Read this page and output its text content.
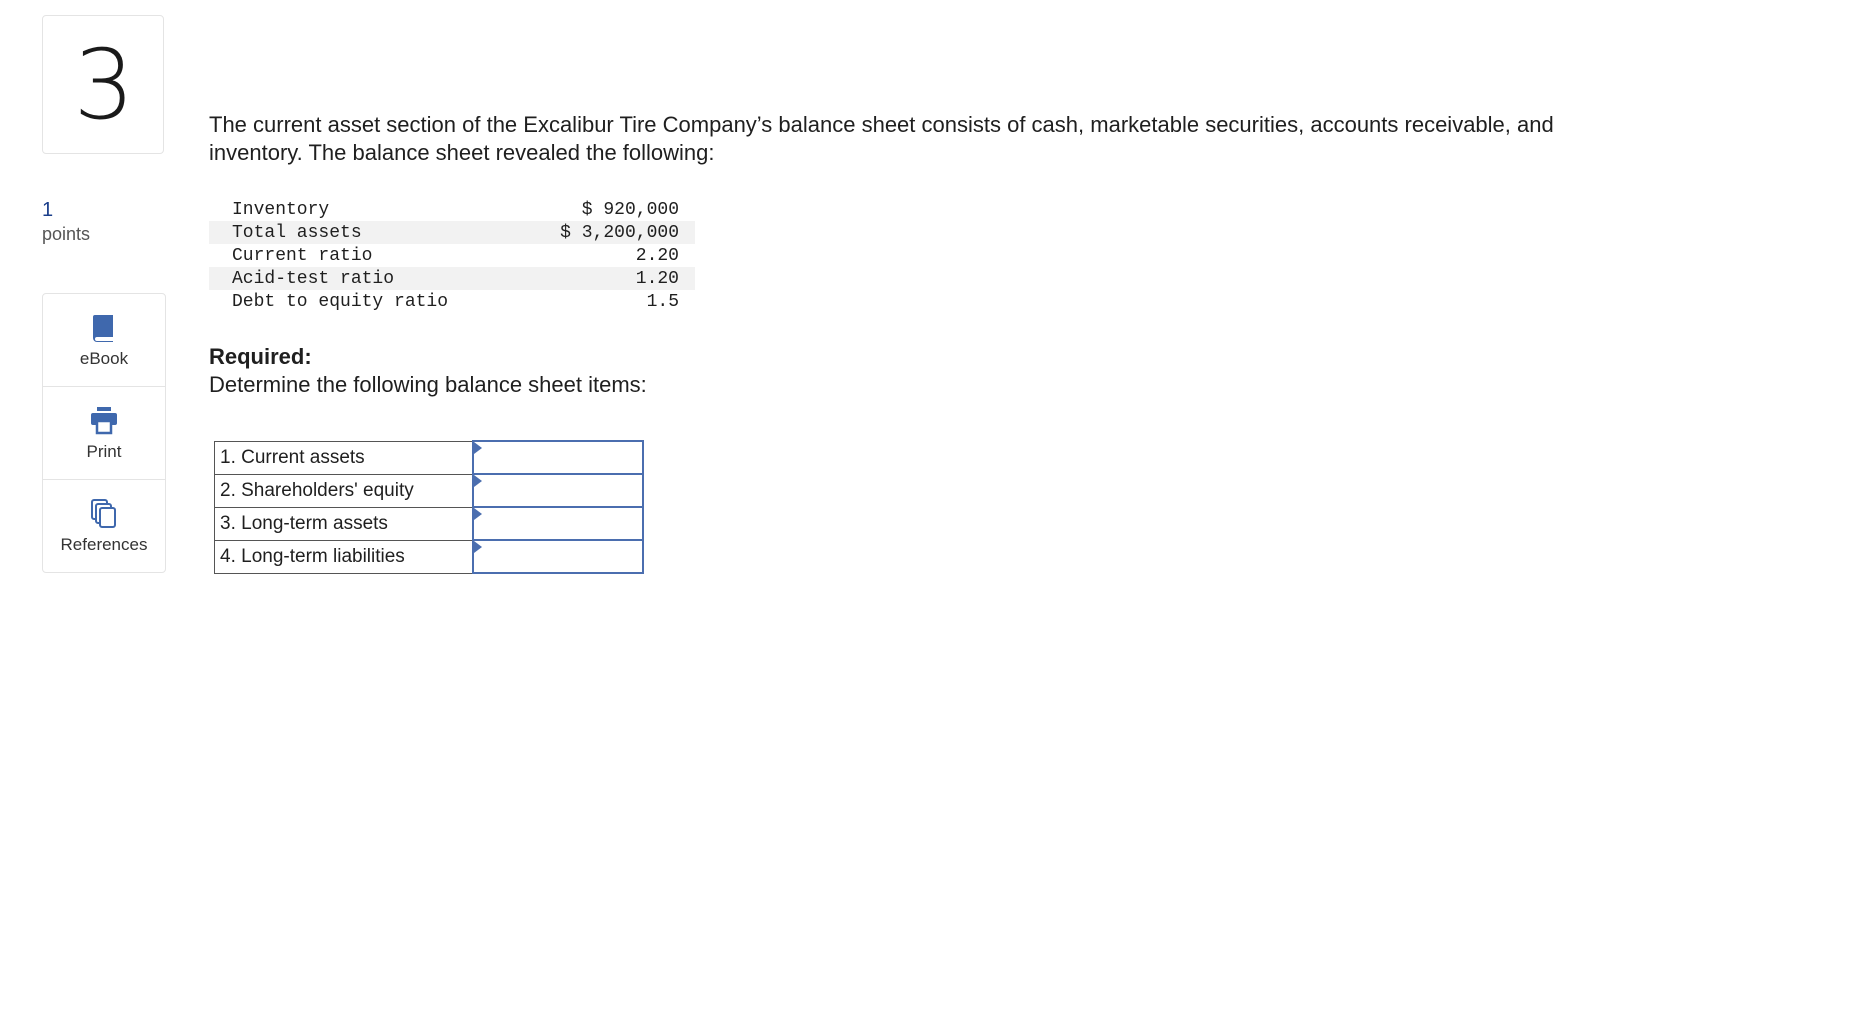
3
1
points
eBook
Print
References
The current asset section of the Excalibur Tire Company’s balance sheet consists of cash, marketable securities, accounts receivable, and inventory. The balance sheet revealed the following:
Inventory	$ 920,000
Total assets	$ 3,200,000
Current ratio	2.20
Acid-test ratio	1.20
Debt to equity ratio	1.5
Required:
Determine the following balance sheet items:
1. Current assets	
2. Shareholders' equity	
3. Long-term assets	
4. Long-term liabilities	
